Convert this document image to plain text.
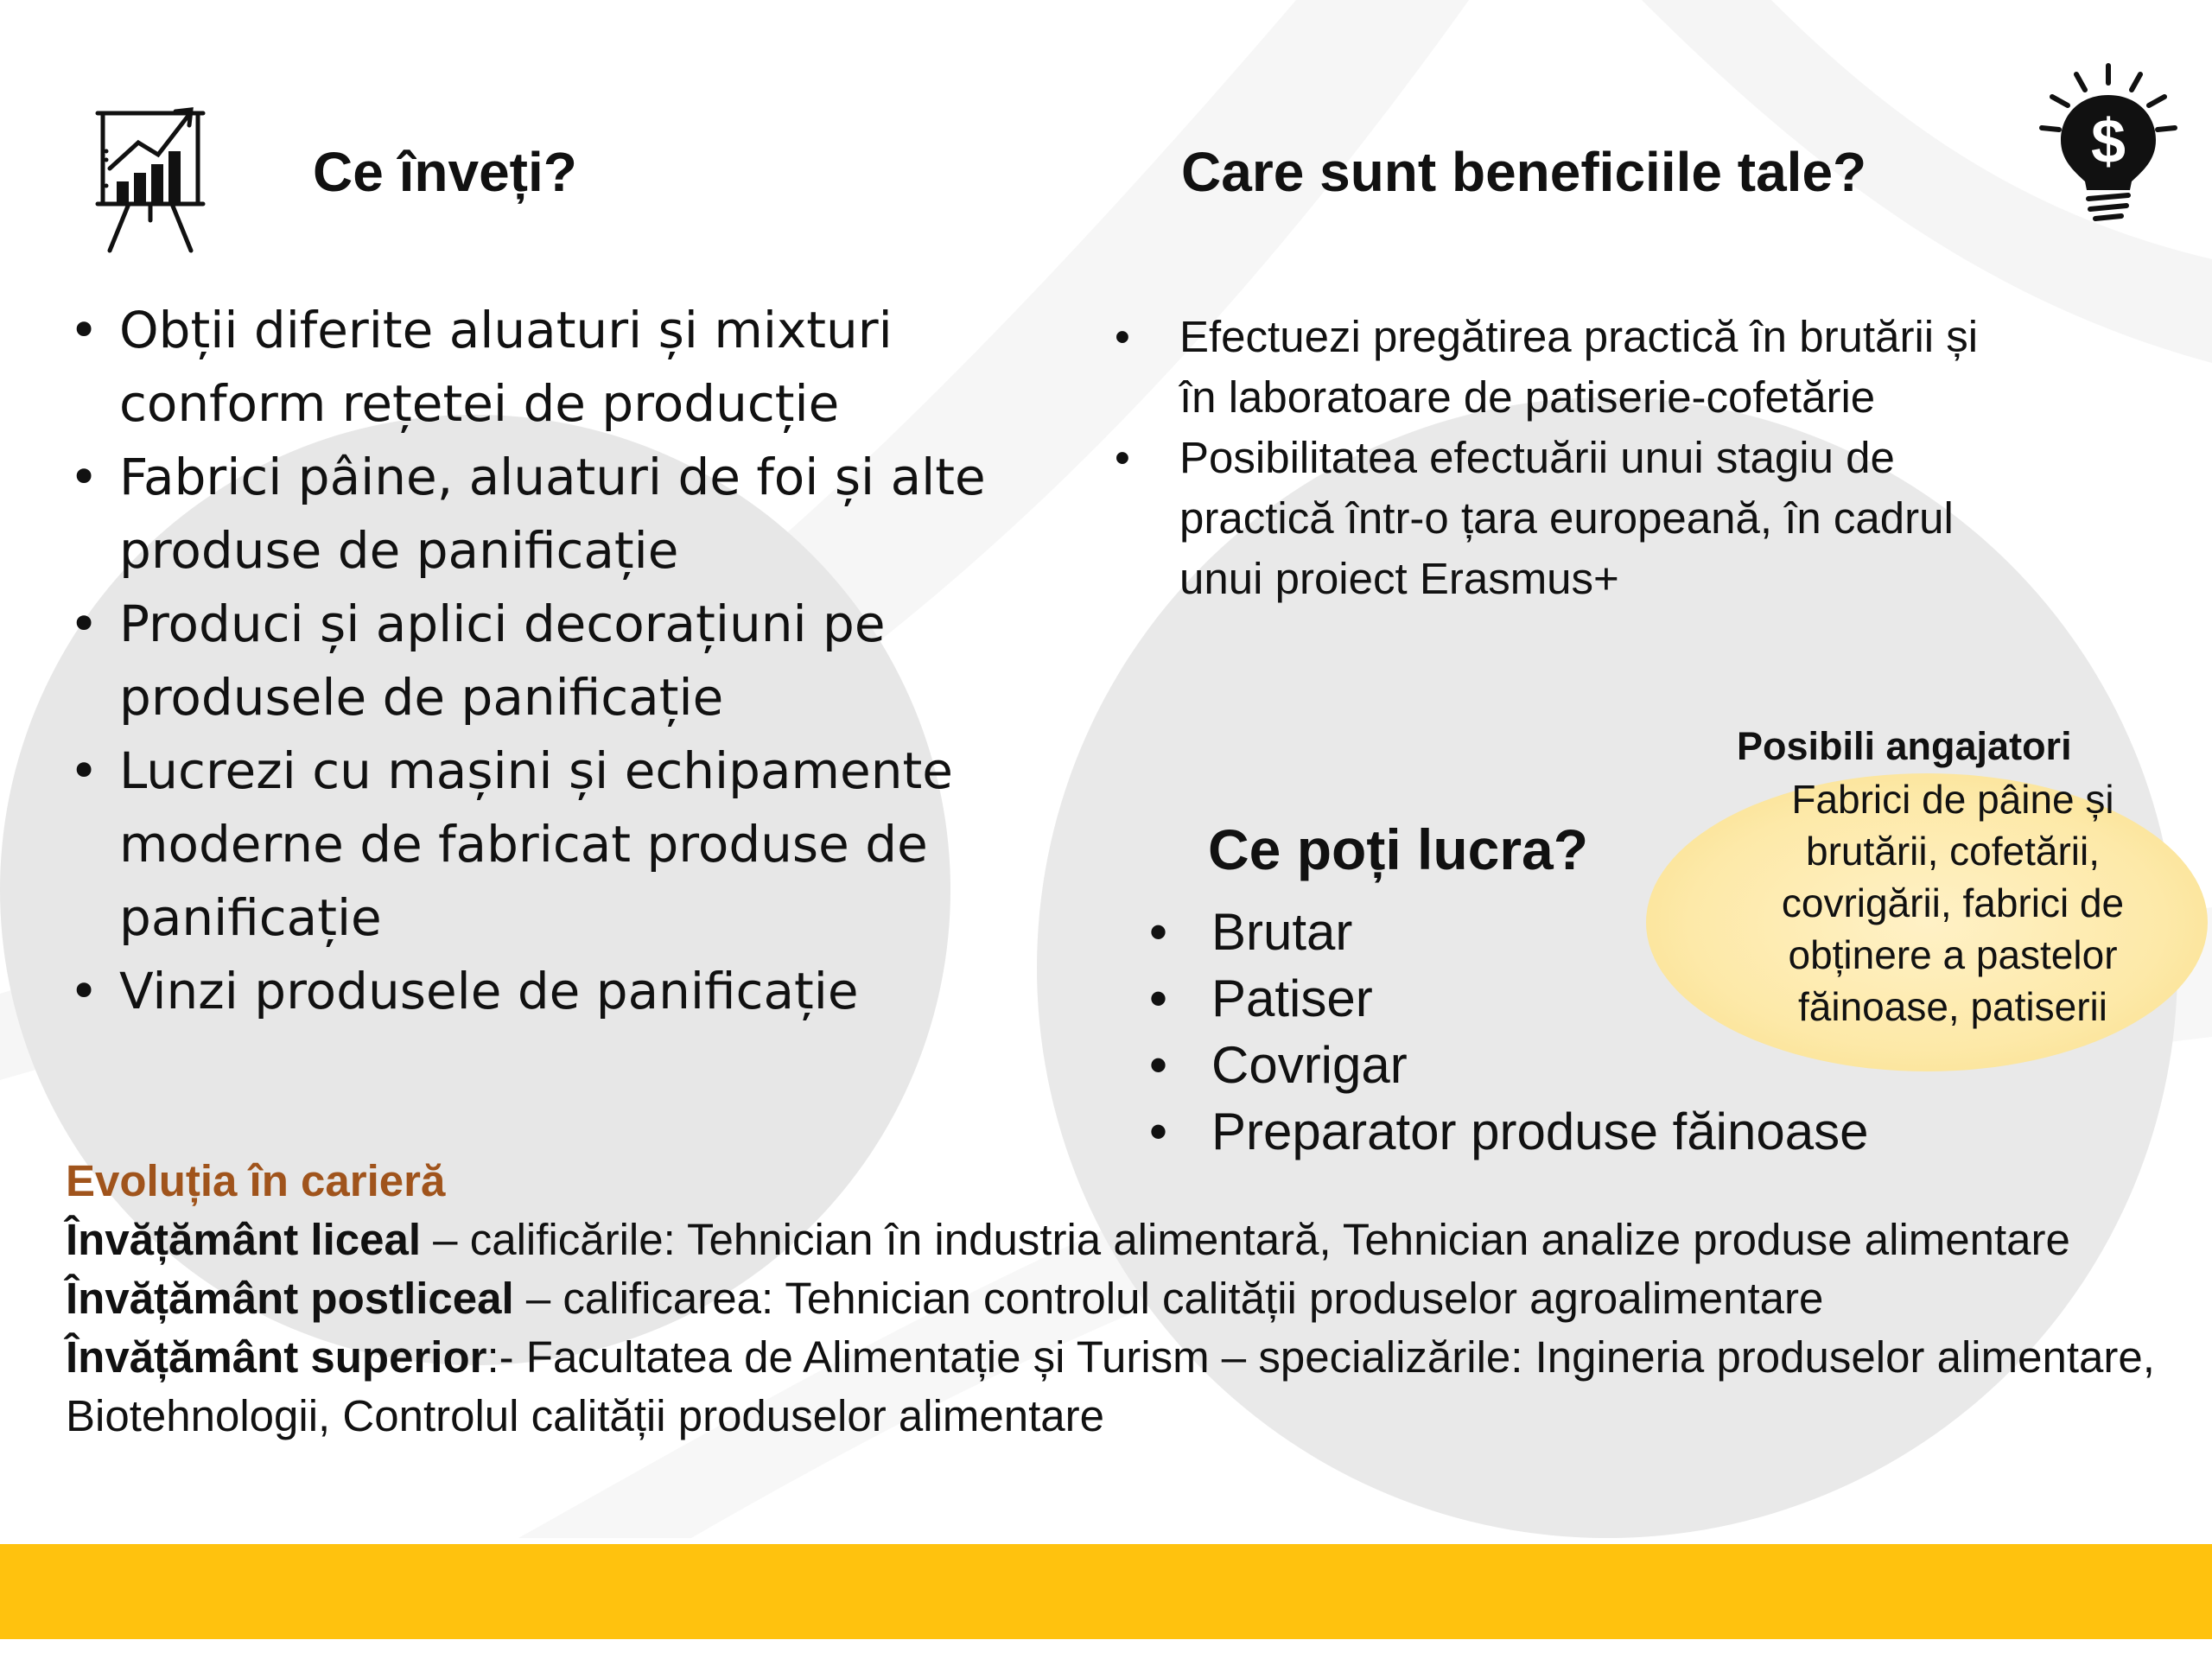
$
Ce înveți?	Care sunt beneficiile tale?
• Obții diferite aluaturi și mixturi
conform rețetei de producție
• Fabrici pâine, aluaturi de foi și alte
produse de panificație
• Produci și aplici decorațiuni pe
produsele de panificație
• Lucrezi cu mașini și echipamente
moderne de fabricat produse de
panificație
• Vinzi produsele de panificație
• Efectuezi pregătirea practică în brutării și
în laboratoare de patiserie-cofetărie
• Posibilitatea efectuării unui stagiu de
practică într-o țara europeană, în cadrul
unui proiect Erasmus+
Posibili angajatori
Fabrici de pâine și
brutării, cofetării,
covrigării, fabrici de
obținere a pastelor
făinoase, patiserii
Ce poți lucra?
• Brutar
• Patiser
• Covrigar
• Preparator produse făinoase
Evoluția în carieră
Învățământ liceal – calificările: Tehnician în industria alimentară, Tehnician analize produse alimentare
Învățământ postliceal – calificarea: Tehnician controlul calității produselor agroalimentare
Învățământ superior:- Facultatea de Alimentație și Turism – specializările: Ingineria produselor alimentare, Biotehnologii, Controlul calității produselor alimentare
